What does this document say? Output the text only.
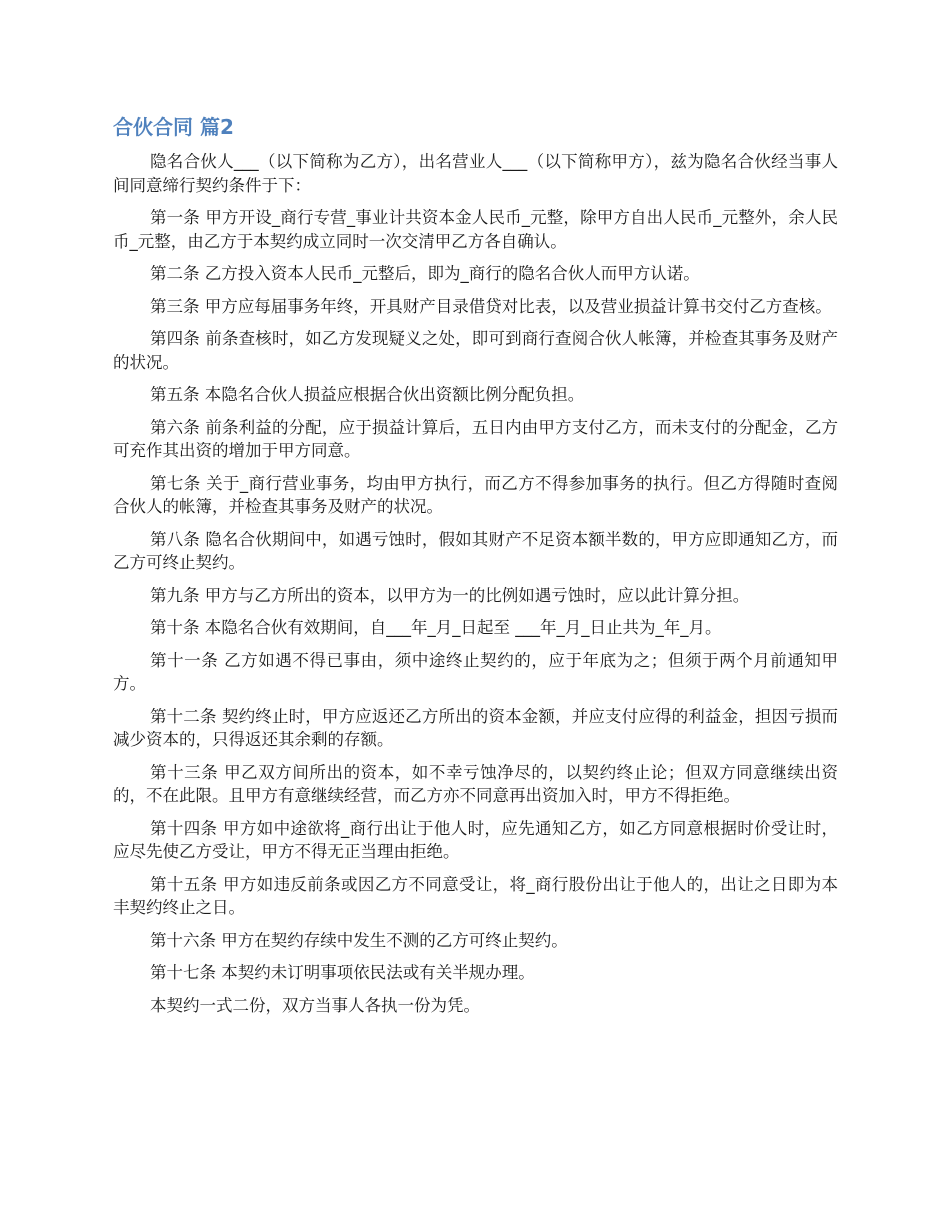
合伙合同 篇2

隐名合伙人___（以下简称为乙方），出名营业人___（以下简称甲方），兹为隐名合伙经当事人间同意缔行契约条件于下：

第一条 甲方开设_商行专营_事业计共资本金人民币_元整，除甲方自出人民币_元整外，余人民币_元整，由乙方于本契约成立同时一次交清甲乙方各自确认。

第二条 乙方投入资本人民币_元整后，即为_商行的隐名合伙人而甲方认诺。

第三条 甲方应每届事务年终，开具财产目录借贷对比表，以及营业损益计算书交付乙方查核。

第四条 前条查核时，如乙方发现疑义之处，即可到商行查阅合伙人帐簿，并检查其事务及财产的状况。

第五条 本隐名合伙人损益应根据合伙出资额比例分配负担。

第六条 前条利益的分配，应于损益计算后，五日内由甲方支付乙方，而未支付的分配金，乙方可充作其出资的增加于甲方同意。

第七条 关于_商行营业事务，均由甲方执行，而乙方不得参加事务的执行。但乙方得随时查阅合伙人的帐簿，并检查其事务及财产的状况。

第八条 隐名合伙期间中，如遇亏蚀时，假如其财产不足资本额半数的，甲方应即通知乙方，而乙方可终止契约。

第九条 甲方与乙方所出的资本，以甲方为一的比例如遇亏蚀时，应以此计算分担。

第十条 本隐名合伙有效期间，自___年_月_日起至 ___年_月_日止共为_年_月。

第十一条 乙方如遇不得已事由，须中途终止契约的，应于年底为之；但须于两个月前通知甲方。

第十二条 契约终止时，甲方应返还乙方所出的资本金额，并应支付应得的利益金，担因亏损而减少资本的，只得返还其余剩的存额。

第十三条 甲乙双方间所出的资本，如不幸亏蚀净尽的，以契约终止论；但双方同意继续出资的，不在此限。且甲方有意继续经营，而乙方亦不同意再出资加入时，甲方不得拒绝。

第十四条 甲方如中途欲将_商行出让于他人时，应先通知乙方，如乙方同意根据时价受让时，应尽先使乙方受让，甲方不得无正当理由拒绝。

第十五条 甲方如违反前条或因乙方不同意受让，将_商行股份出让于他人的，出让之日即为本丰契约终止之日。

第十六条 甲方在契约存续中发生不测的乙方可终止契约。

第十七条 本契约未订明事项依民法或有关半规办理。

本契约一式二份，双方当事人各执一份为凭。
